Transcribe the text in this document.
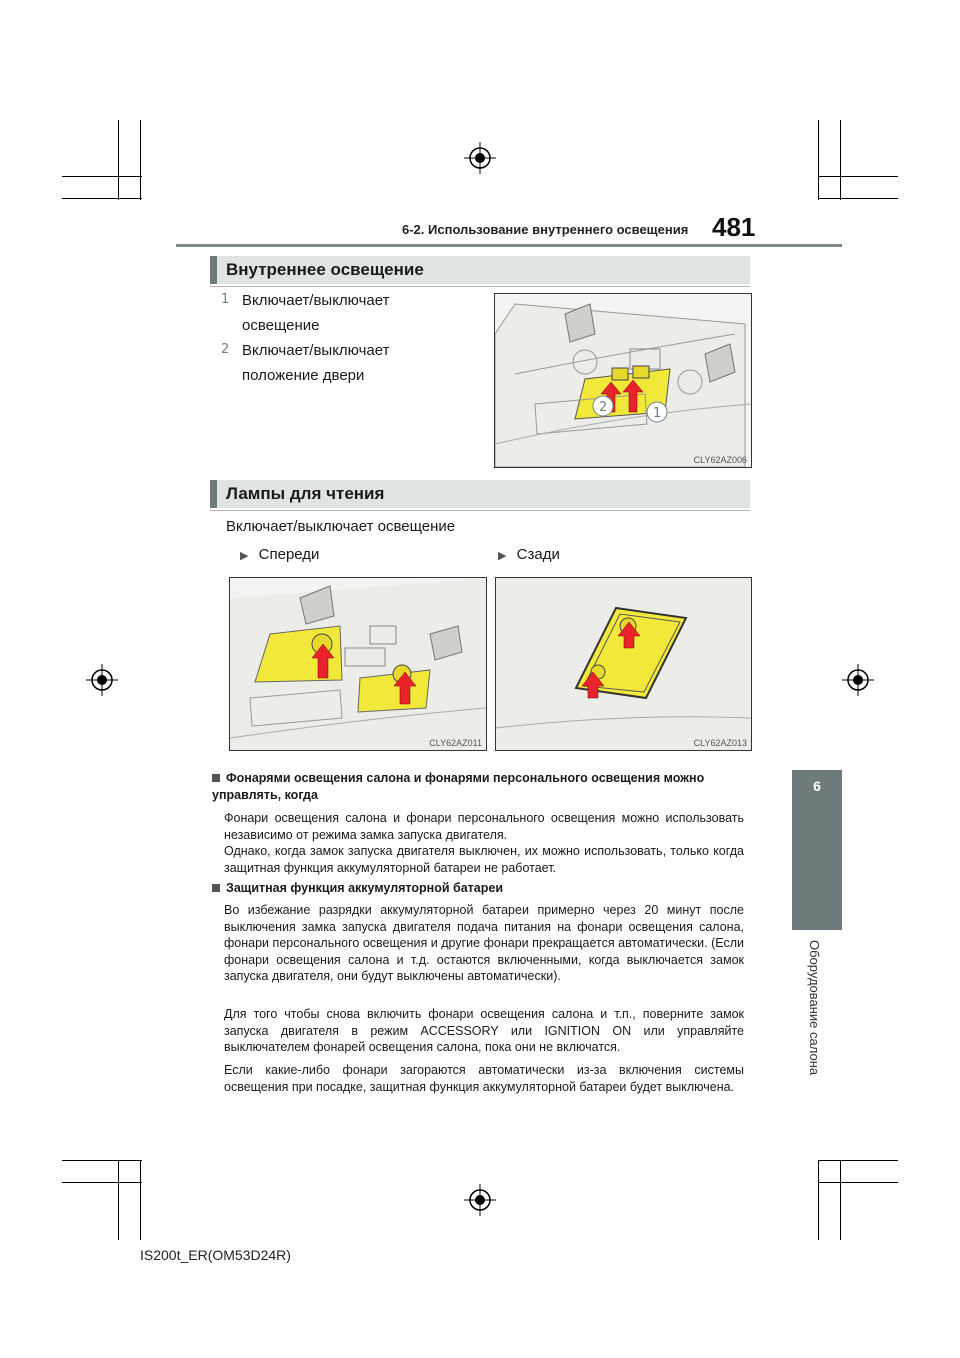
6-2. Использование внутреннего освещения 481
Внутреннее освещение
1 Включает/выключает
освещение
2 Включает/выключает
положение двери
2	1
CLY62AZ006
Лампы для чтения
Включает/выключает освещение
▶ Спереди	▶ Сзади
CLY62AZ011	CLY62AZ013
Фонарями освещения салона и фонарями персонального освещения можно управлять, когда
Фонари освещения салона и фонари персонального освещения можно использовать независимо от режима замка запуска двигателя.
Однако, когда замок запуска двигателя выключен, их можно использовать, только когда защитная функция аккумуляторной батареи не работает.
Защитная функция аккумуляторной батареи
Во избежание разрядки аккумуляторной батареи примерно через 20 минут после выключения замка запуска двигателя подача питания на фонари освещения салона, фонари персонального освещения и другие фонари прекращается автоматически. (Если фонари освещения салона и т.д. остаются включенными, когда выключается замок запуска двигателя, они будут выключены автоматически).
Для того чтобы снова включить фонари освещения салона и т.п., поверните замок запуска двигателя в режим ACCESSORY или IGNITION ON или управляйте выключателем фонарей освещения салона, пока они не включатся.
Если какие-либо фонари загораются автоматически из-за включения системы освещения при посадке, защитная функция аккумуляторной батареи будет выключена.
6
Оборудование салона
IS200t_ER(OM53D24R)
